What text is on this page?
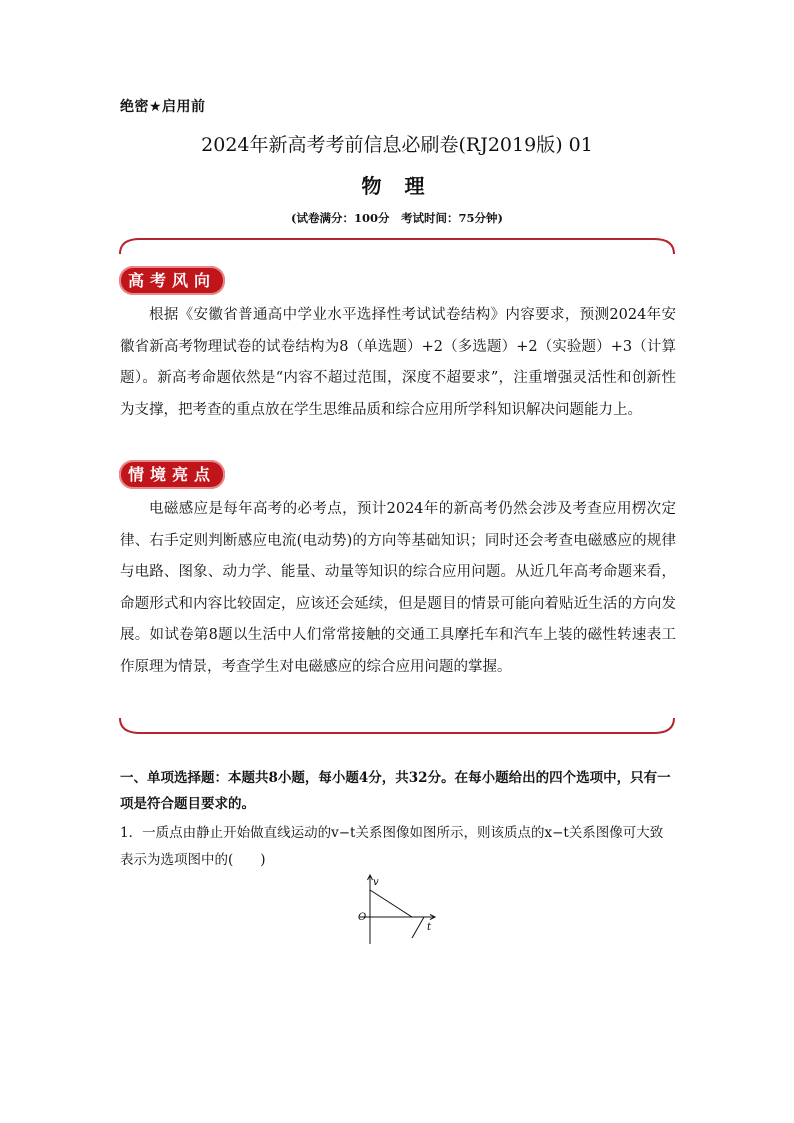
绝密★启用前
2024年新高考考前信息必刷卷(RJ2019版) 01
物 理
(试卷满分：100分　考试时间：75分钟)
高考风向
根据《安徽省普通高中学业水平选择性考试试卷结构》内容要求，预测2024年安徽省新高考物理试卷的试卷结构为8（单选题）+2（多选题）+2（实验题）+3（计算题）。新高考命题依然是“内容不超过范围，深度不超要求”，注重增强灵活性和创新性为支撑，把考查的重点放在学生思维品质和综合应用所学科知识解决问题能力上。
情境亮点
电磁感应是每年高考的必考点，预计2024年的新高考仍然会涉及考查应用楞次定律、右手定则判断感应电流(电动势)的方向等基础知识；同时还会考查电磁感应的规律与电路、图象、动力学、能量、动量等知识的综合应用问题。从近几年高考命题来看，命题形式和内容比较固定，应该还会延续，但是题目的情景可能向着贴近生活的方向发展。如试卷第8题以生活中人们常常接触的交通工具摩托车和汽车上装的磁性转速表工作原理为情景，考查学生对电磁感应的综合应用问题的掌握。
一、单项选择题：本题共8小题，每小题4分，共32分。在每小题给出的四个选项中，只有一项是符合题目要求的。
1．一质点由静止开始做直线运动的v−t关系图像如图所示，则该质点的x−t关系图像可大致表示为选项图中的(　　)
v
t
O
